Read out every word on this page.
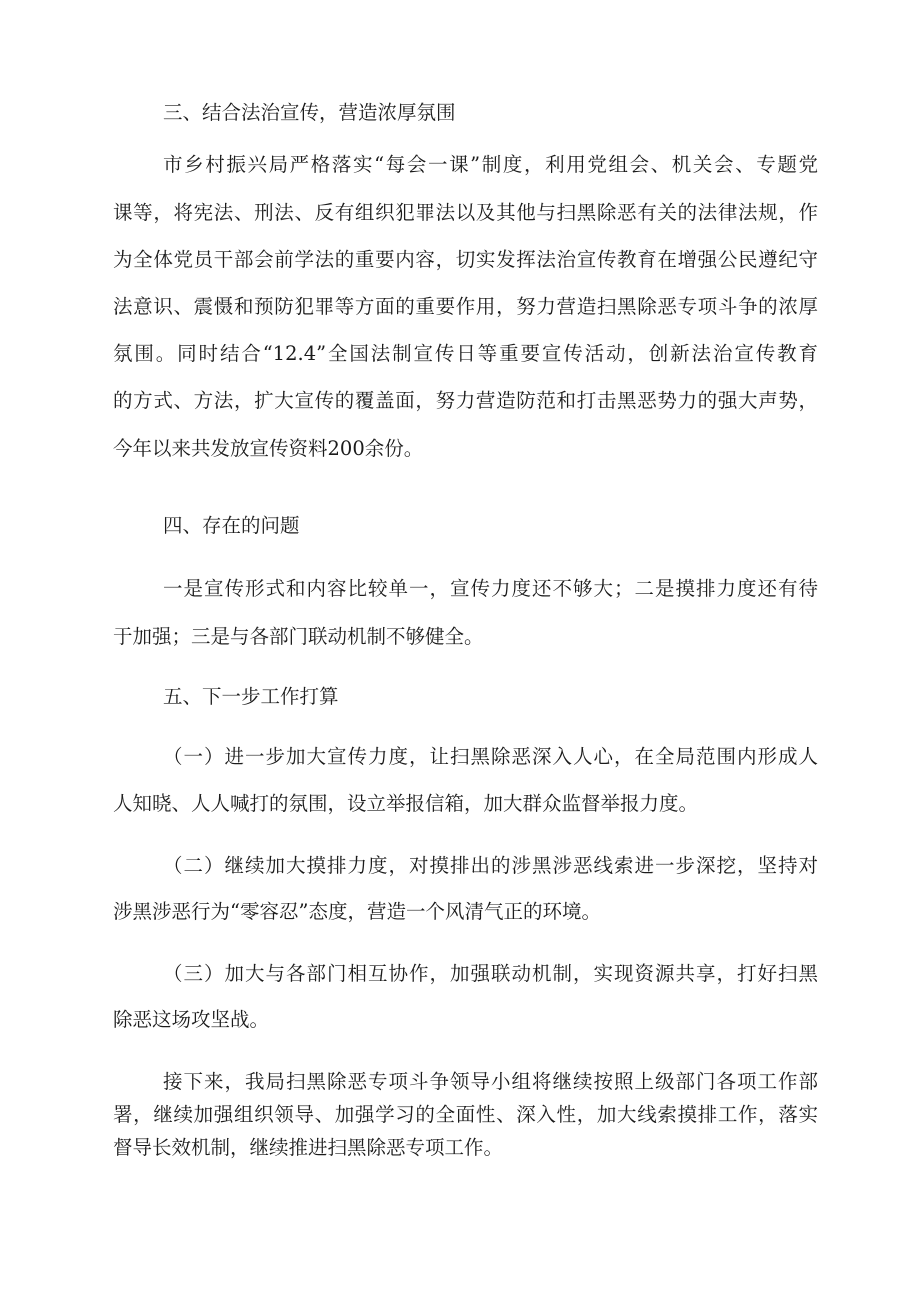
三、结合法治宣传，营造浓厚氛围
市乡村振兴局严格落实“每会一课”制度，利用党组会、机关会、专题党
课等，将宪法、刑法、反有组织犯罪法以及其他与扫黑除恶有关的法律法规，作
为全体党员干部会前学法的重要内容，切实发挥法治宣传教育在增强公民遵纪守
法意识、震慑和预防犯罪等方面的重要作用，努力营造扫黑除恶专项斗争的浓厚
氛围。同时结合“12.4”全国法制宣传日等重要宣传活动，创新法治宣传教育
的方式、方法，扩大宣传的覆盖面，努力营造防范和打击黑恶势力的强大声势，
今年以来共发放宣传资料200余份。
四、存在的问题
一是宣传形式和内容比较单一，宣传力度还不够大；二是摸排力度还有待
于加强；三是与各部门联动机制不够健全。
五、下一步工作打算
（一）进一步加大宣传力度，让扫黑除恶深入人心，在全局范围内形成人
人知晓、人人喊打的氛围，设立举报信箱，加大群众监督举报力度。
（二）继续加大摸排力度，对摸排出的涉黑涉恶线索进一步深挖，坚持对
涉黑涉恶行为“零容忍”态度，营造一个风清气正的环境。
（三）加大与各部门相互协作，加强联动机制，实现资源共享，打好扫黑
除恶这场攻坚战。
接下来，我局扫黑除恶专项斗争领导小组将继续按照上级部门各项工作部
署，继续加强组织领导、加强学习的全面性、深入性，加大线索摸排工作，落实
督导长效机制，继续推进扫黑除恶专项工作。
